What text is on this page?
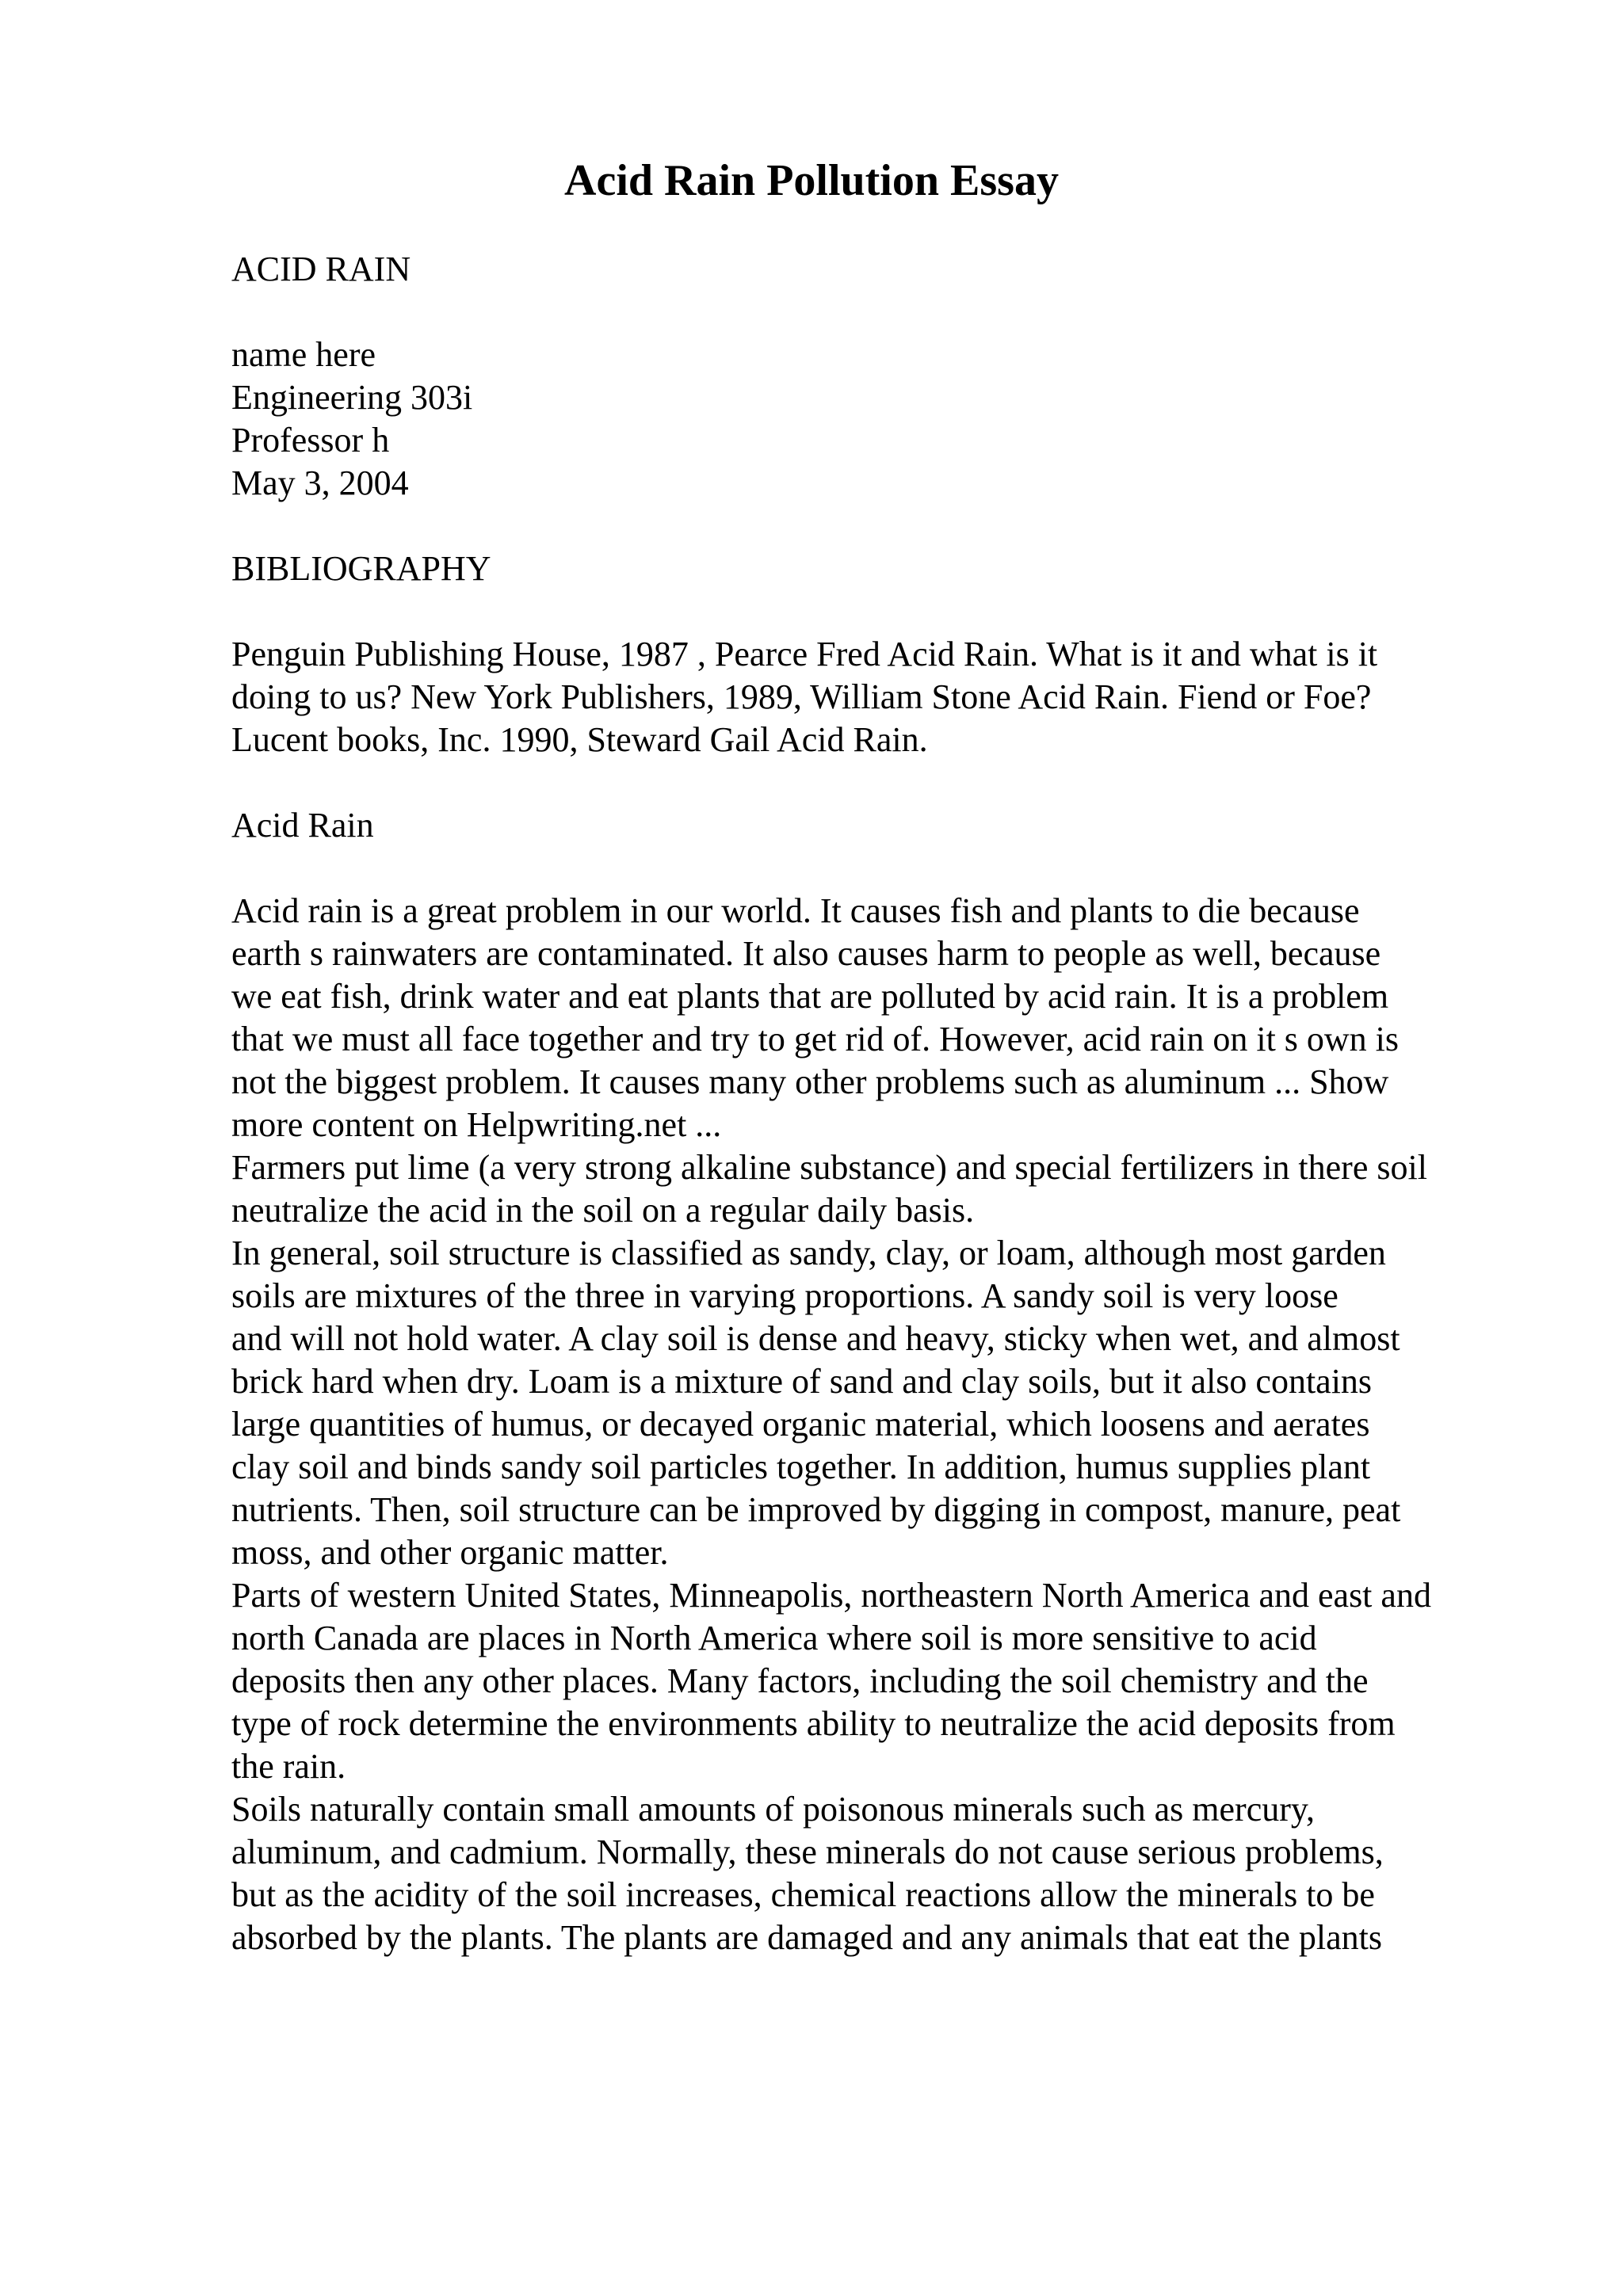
Acid Rain Pollution Essay

ACID RAIN

name here
Engineering 303i
Professor h
May 3, 2004

BIBLIOGRAPHY

Penguin Publishing House, 1987 , Pearce Fred Acid Rain. What is it and what is it
doing to us? New York Publishers, 1989, William Stone Acid Rain. Fiend or Foe?
Lucent books, Inc. 1990, Steward Gail Acid Rain.

Acid Rain

Acid rain is a great problem in our world. It causes fish and plants to die because
earth s rainwaters are contaminated. It also causes harm to people as well, because
we eat fish, drink water and eat plants that are polluted by acid rain. It is a problem
that we must all face together and try to get rid of. However, acid rain on it s own is
not the biggest problem. It causes many other problems such as aluminum ... Show
more content on Helpwriting.net ...
Farmers put lime (a very strong alkaline substance) and special fertilizers in there soil
neutralize the acid in the soil on a regular daily basis.
In general, soil structure is classified as sandy, clay, or loam, although most garden
soils are mixtures of the three in varying proportions. A sandy soil is very loose
and will not hold water. A clay soil is dense and heavy, sticky when wet, and almost
brick hard when dry. Loam is a mixture of sand and clay soils, but it also contains
large quantities of humus, or decayed organic material, which loosens and aerates
clay soil and binds sandy soil particles together. In addition, humus supplies plant
nutrients. Then, soil structure can be improved by digging in compost, manure, peat
moss, and other organic matter.
Parts of western United States, Minneapolis, northeastern North America and east and
north Canada are places in North America where soil is more sensitive to acid
deposits then any other places. Many factors, including the soil chemistry and the
type of rock determine the environments ability to neutralize the acid deposits from
the rain.
Soils naturally contain small amounts of poisonous minerals such as mercury,
aluminum, and cadmium. Normally, these minerals do not cause serious problems,
but as the acidity of the soil increases, chemical reactions allow the minerals to be
absorbed by the plants. The plants are damaged and any animals that eat the plants
